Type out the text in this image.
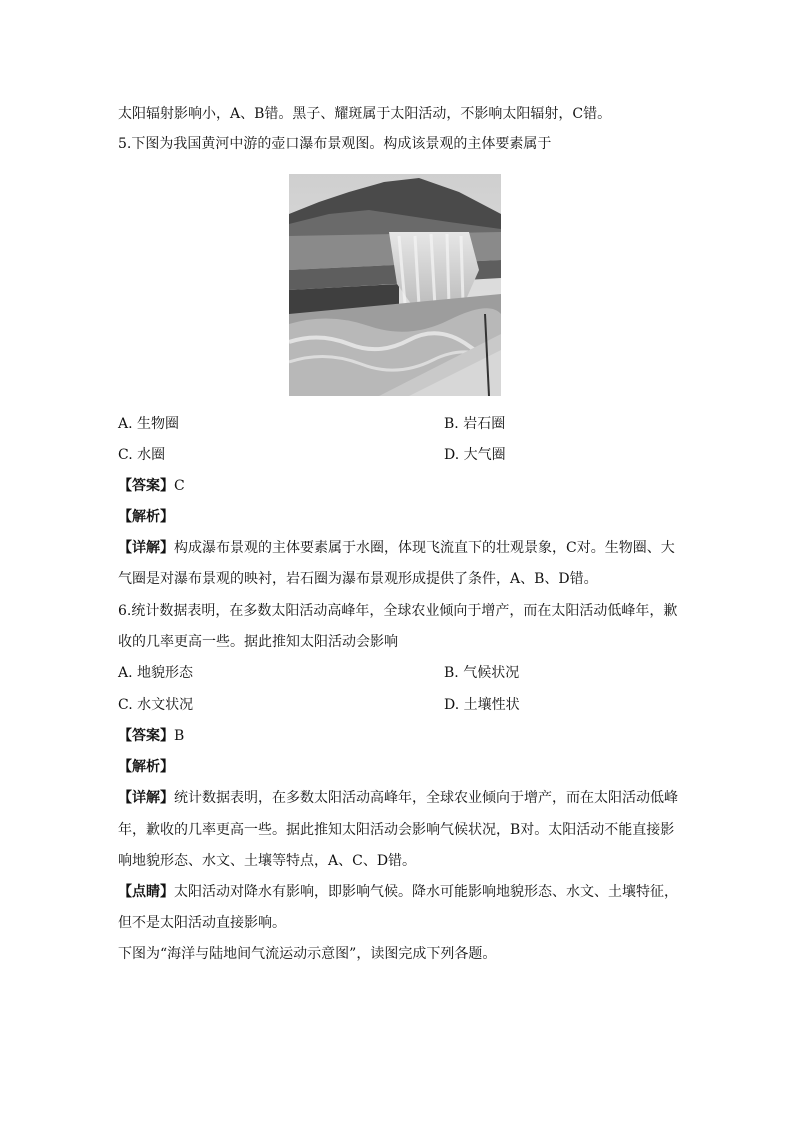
太阳辐射影响小，A、B错。黑子、耀斑属于太阳活动，不影响太阳辐射，C错。
5.下图为我国黄河中游的壶口瀑布景观图。构成该景观的主体要素属于
A. 生物圈	B. 岩石圈
C. 水圈	D. 大气圈
【答案】C
【解析】
【详解】构成瀑布景观的主体要素属于水圈，体现飞流直下的壮观景象，C对。生物圈、大
气圈是对瀑布景观的映衬，岩石圈为瀑布景观形成提供了条件，A、B、D错。
6.统计数据表明，在多数太阳活动高峰年，全球农业倾向于增产，而在太阳活动低峰年，歉
收的几率更高一些。据此推知太阳活动会影响
A. 地貌形态	B. 气候状况
C. 水文状况	D. 土壤性状
【答案】B
【解析】
【详解】统计数据表明，在多数太阳活动高峰年，全球农业倾向于增产，而在太阳活动低峰
年，歉收的几率更高一些。据此推知太阳活动会影响气候状况，B对。太阳活动不能直接影
响地貌形态、水文、土壤等特点，A、C、D错。
【点睛】太阳活动对降水有影响，即影响气候。降水可能影响地貌形态、水文、土壤特征，
但不是太阳活动直接影响。
下图为“海洋与陆地间气流运动示意图”，读图完成下列各题。
